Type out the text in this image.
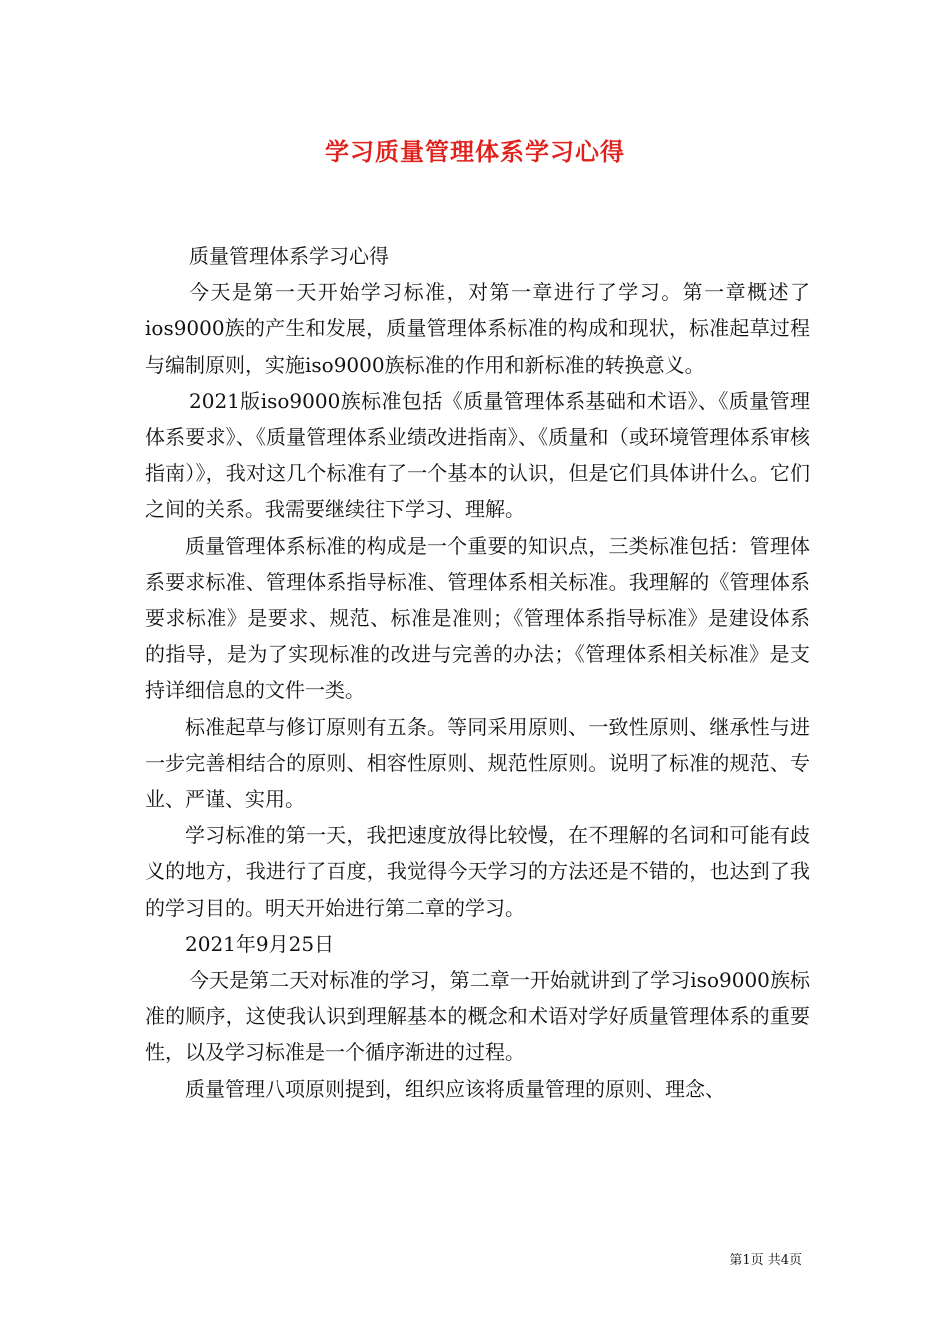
学习质量管理体系学习心得

质量管理体系学习心得

今天是第一天开始学习标准，对第一章进行了学习。第一章概述了ios9000族的产生和发展，质量管理体系标准的构成和现状，标准起草过程与编制原则，实施iso9000族标准的作用和新标准的转换意义。

2021版iso9000族标准包括《质量管理体系基础和术语》、《质量管理体系要求》、《质量管理体系业绩改进指南》、《质量和（或环境管理体系审核指南）》，我对这几个标准有了一个基本的认识，但是它们具体讲什么。它们之间的关系。我需要继续往下学习、理解。

质量管理体系标准的构成是一个重要的知识点，三类标准包括：管理体系要求标准、管理体系指导标准、管理体系相关标准。我理解的《管理体系要求标准》是要求、规范、标准是准则；《管理体系指导标准》是建设体系的指导，是为了实现标准的改进与完善的办法；《管理体系相关标准》是支持详细信息的文件一类。

标准起草与修订原则有五条。等同采用原则、一致性原则、继承性与进一步完善相结合的原则、相容性原则、规范性原则。说明了标准的规范、专业、严谨、实用。

学习标准的第一天，我把速度放得比较慢，在不理解的名词和可能有歧义的地方，我进行了百度，我觉得今天学习的方法还是不错的，也达到了我的学习目的。明天开始进行第二章的学习。

2021年9月25日

今天是第二天对标准的学习，第二章一开始就讲到了学习iso9000族标准的顺序，这使我认识到理解基本的概念和术语对学好质量管理体系的重要性，以及学习标准是一个循序渐进的过程。

质量管理八项原则提到，组织应该将质量管理的原则、理念、

第1页 共4页
